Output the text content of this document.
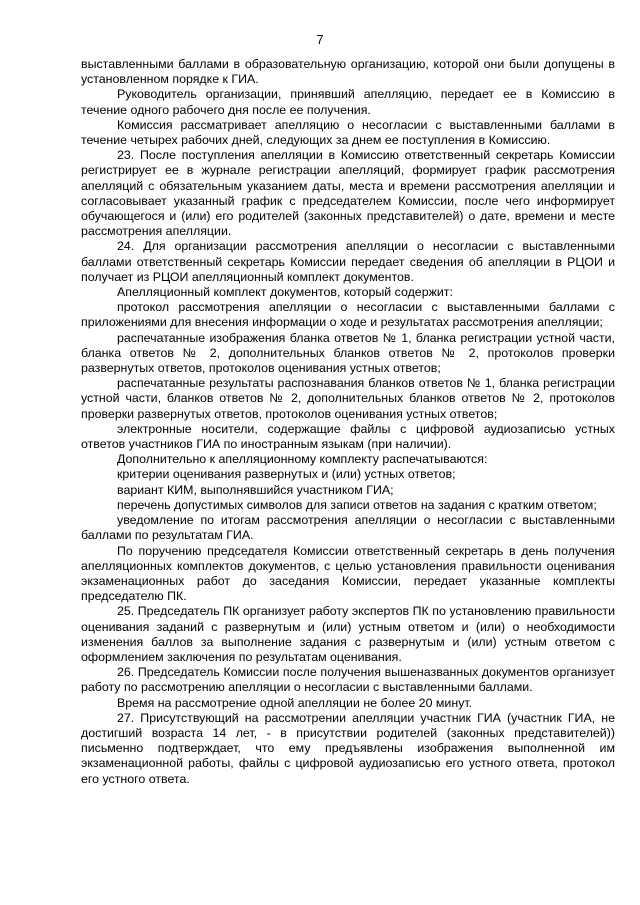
7

выставленными баллами в образовательную организацию, которой они были допущены в установленном порядке к ГИА.

Руководитель организации, принявший апелляцию, передает ее в Комиссию в течение одного рабочего дня после ее получения.

Комиссия рассматривает апелляцию о несогласии с выставленными баллами в течение четырех рабочих дней, следующих за днем ее поступления в Комиссию.

23. После поступления апелляции в Комиссию ответственный секретарь Комиссии регистрирует ее в журнале регистрации апелляций, формирует график рассмотрения апелляций с обязательным указанием даты, места и времени рассмотрения апелляции и согласовывает указанный график с председателем Комиссии, после чего информирует обучающегося и (или) его родителей (законных представителей) о дате, времени и месте рассмотрения апелляции.

24. Для организации рассмотрения апелляции о несогласии с выставленными баллами ответственный секретарь Комиссии передает сведения об апелляции в РЦОИ и получает из РЦОИ апелляционный комплект документов.

Апелляционный комплект документов, который содержит:

протокол рассмотрения апелляции о несогласии с выставленными баллами с приложениями для внесения информации о ходе и результатах рассмотрения апелляции;

распечатанные изображения бланка ответов № 1, бланка регистрации устной части, бланка ответов № 2, дополнительных бланков ответов № 2, протоколов проверки развернутых ответов, протоколов оценивания устных ответов;

распечатанные результаты распознавания бланков ответов № 1, бланка регистрации устной части, бланков ответов № 2, дополнительных бланков ответов № 2, протоколов проверки развернутых ответов, протоколов оценивания устных ответов;

электронные носители, содержащие файлы с цифровой аудиозаписью устных ответов участников ГИА по иностранным языкам (при наличии).

Дополнительно к апелляционному комплекту распечатываются:

критерии оценивания развернутых и (или) устных ответов;

вариант КИМ, выполнявшийся участником ГИА;

перечень допустимых символов для записи ответов на задания с кратким ответом;

уведомление по итогам рассмотрения апелляции о несогласии с выставленными баллами по результатам ГИА.

По поручению председателя Комиссии ответственный секретарь в день получения апелляционных комплектов документов, с целью установления правильности оценивания экзаменационных работ до заседания Комиссии, передает указанные комплекты председателю ПК.

25. Председатель ПК организует работу экспертов ПК по установлению правильности оценивания заданий с развернутым и (или) устным ответом и (или) о необходимости изменения баллов за выполнение задания с развернутым и (или) устным ответом с оформлением заключения по результатам оценивания.

26. Председатель Комиссии после получения вышеназванных документов организует работу по рассмотрению апелляции о несогласии с выставленными баллами.

Время на рассмотрение одной апелляции не более 20 минут.

27. Присутствующий на рассмотрении апелляции участник ГИА (участник ГИА, не достигший возраста 14 лет, - в присутствии родителей (законных представителей)) письменно подтверждает, что ему предъявлены изображения выполненной им экзаменационной работы, файлы с цифровой аудиозаписью его устного ответа, протокол его устного ответа.
